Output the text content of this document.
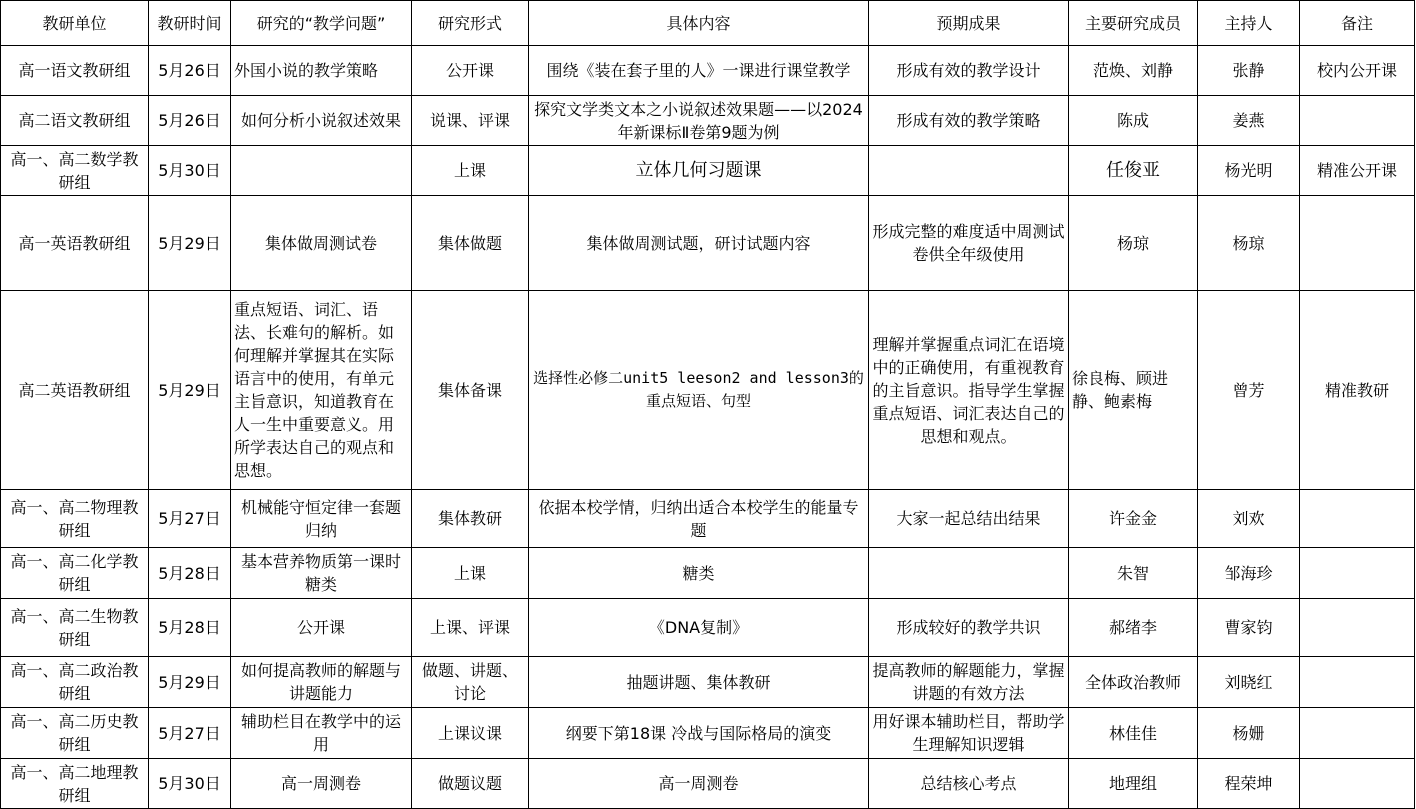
教研单位	教研时间	研究的“教学问题”	研究形式	具体内容	预期成果	主要研究成员	主持人	备注
高一语文教研组	5月26日	外国小说的教学策略	公开课	围绕《装在套子里的人》一课进行课堂教学	形成有效的教学设计	范焕、刘静	张静	校内公开课
高二语文教研组	5月26日	如何分析小说叙述效果	说课、评课	探究文学类文本之小说叙述效果题——以2024年新课标Ⅱ卷第9题为例	形成有效的教学策略	陈成	姜燕	
高一、高二数学教研组	5月30日		上课	立体几何习题课		任俊亚	杨光明	精准公开课
高一英语教研组	5月29日	集体做周测试卷	集体做题	集体做周测试题，研讨试题内容	形成完整的难度适中周测试卷供全年级使用	杨琼	杨琼	
高二英语教研组	5月29日	重点短语、词汇、语法、长难句的解析。如何理解并掌握其在实际语言中的使用，有单元主旨意识，知道教育在人一生中重要意义。用所学表达自己的观点和思想。	集体备课	选择性必修二unit5 leeson2 and lesson3的重点短语、句型	理解并掌握重点词汇在语境中的正确使用，有重视教育的主旨意识。指导学生掌握重点短语、词汇表达自己的思想和观点。	徐良梅、顾进静、鲍素梅	曾芳	精准教研
高一、高二物理教研组	5月27日	机械能守恒定律一套题归纳	集体教研	依据本校学情，归纳出适合本校学生的能量专题	大家一起总结出结果	许金金	刘欢	
高一、高二化学教研组	5月28日	基本营养物质第一课时糖类	上课	糖类		朱智	邹海珍	
高一、高二生物教研组	5月28日	公开课	上课、评课	《DNA复制》	形成较好的教学共识	郝绪李	曹家钧	
高一、高二政治教研组	5月29日	如何提高教师的解题与讲题能力	做题、讲题、讨论	抽题讲题、集体教研	提高教师的解题能力，掌握讲题的有效方法	全体政治教师	刘晓红	
高一、高二历史教研组	5月27日	辅助栏目在教学中的运用	上课议课	纲要下第18课 冷战与国际格局的演变	用好课本辅助栏目，帮助学生理解知识逻辑	林佳佳	杨姗	
高一、高二地理教研组	5月30日	高一周测卷	做题议题	高一周测卷	总结核心考点	地理组	程荣坤	
